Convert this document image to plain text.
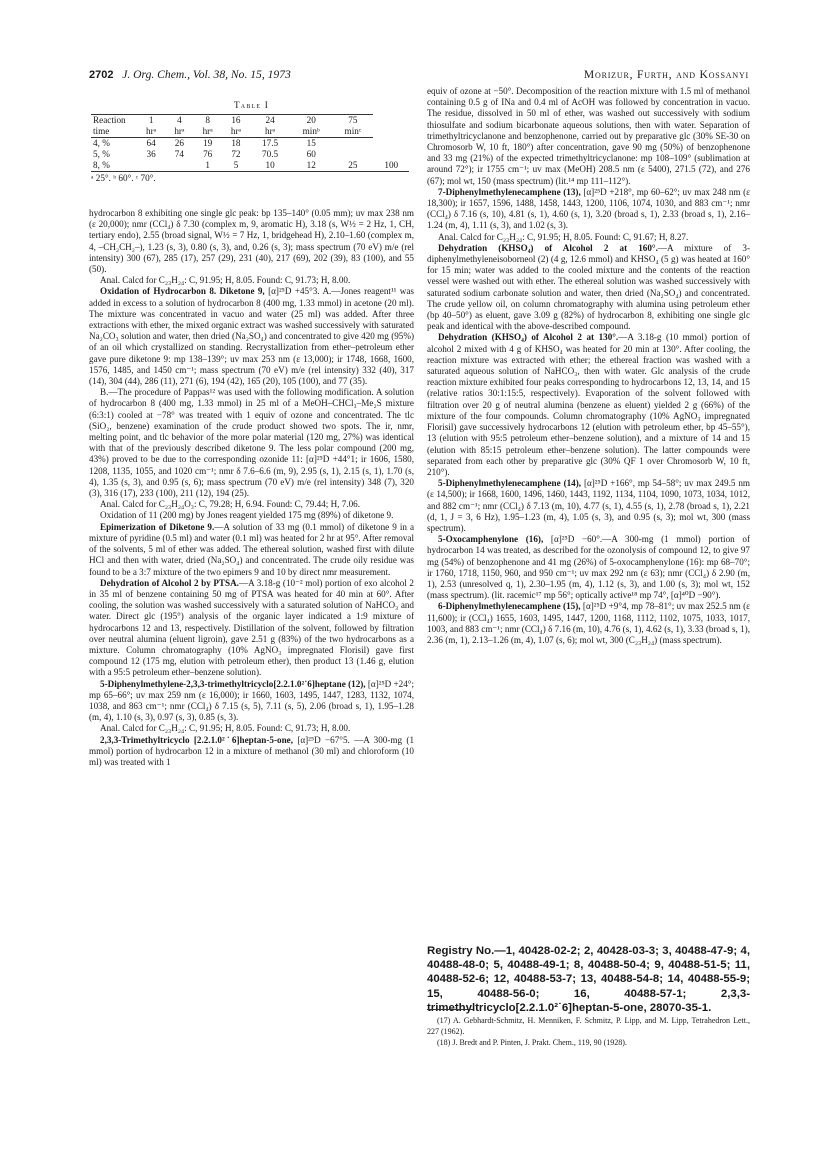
2702 J. Org. Chem., Vol. 38, No. 15, 1973	Morizur, Furth, and Kossanyi
Table I
Reaction	1	4	8	16	24	20	75	
time	hrᵃ	hrᵃ	hrᵃ	hrᵃ	hrᵃ	minᵇ	minᶜ	
4, %	64	26	19	18	17.5	15		
5, %	36	74	76	72	70.5	60		
8, %			1	5	10	12	25	100
ᵃ 25°. ᵇ 60°. ᶜ 70°.

hydrocarbon 8 exhibiting one single glc peak: bp 135–140° (0.05 mm); uv max 238 nm (ε 20,000); nmr (CCl₄) δ 7.30 (complex m, 9, aromatic H), 3.18 (s, W½ = 2 Hz, 1, CH, tertiary endo), 2.55 (broad signal, W½ = 7 Hz, 1, bridgehead H), 2.10–1.60 (complex m, 4, –CH₂CH₂–), 1.23 (s, 3), 0.80 (s, 3), and, 0.26 (s, 3); mass spectrum (70 eV) m/e (rel intensity) 300 (67), 285 (17), 257 (29), 231 (40), 217 (69), 202 (39), 83 (100), and 55 (50).

Anal. Calcd for C₂₃H₂₄: C, 91.95; H, 8.05. Found: C, 91.73; H, 8.00.

Oxidation of Hydrocarbon 8. Diketone 9, [α]²⁵D +45°3. A.—Jones reagent¹¹ was added in excess to a solution of hydrocarbon 8 (400 mg, 1.33 mmol) in acetone (20 ml). The mixture was concentrated in vacuo and water (25 ml) was added. After three extractions with ether, the mixed organic extract was washed successively with saturated Na₂CO₃ solution and water, then dried (Na₂SO₄) and concentrated to give 420 mg (95%) of an oil which crystallized on standing. Recrystallization from ether–petroleum ether gave pure diketone 9: mp 138–139°; uv max 253 nm (ε 13,000); ir 1748, 1668, 1600, 1576, 1485, and 1450 cm⁻¹; mass spectrum (70 eV) m/e (rel intensity) 332 (40), 317 (14), 304 (44), 286 (11), 271 (6), 194 (42), 165 (20), 105 (100), and 77 (35).

B.—The procedure of Pappas¹² was used with the following modification. A solution of hydrocarbon 8 (400 mg, 1.33 mmol) in 25 ml of a MeOH–CHCl₃–Me₂S mixture (6:3:1) cooled at −78° was treated with 1 equiv of ozone and concentrated. The tlc (SiO₂, benzene) examination of the crude product showed two spots. The ir, nmr, melting point, and tlc behavior of the more polar material (120 mg, 27%) was identical with that of the previously described diketone 9. The less polar compound (200 mg, 43%) proved to be due to the corresponding ozonide 11: [α]²⁵D +44°1; ir 1606, 1580, 1208, 1135, 1055, and 1020 cm⁻¹; nmr δ 7.6–6.6 (m, 9), 2.95 (s, 1), 2.15 (s, 1), 1.70 (s, 4), 1.35 (s, 3), and 0.95 (s, 6); mass spectrum (70 eV) m/e (rel intensity) 348 (7), 320 (3), 316 (17), 233 (100), 211 (12), 194 (25).

Anal. Calcd for C₂₃H₂₄O₃: C, 79.28; H, 6.94. Found: C, 79.44; H, 7.06.

Oxidation of 11 (200 mg) by Jones reagent yielded 175 mg (89%) of diketone 9.

Epimerization of Diketone 9.—A solution of 33 mg (0.1 mmol) of diketone 9 in a mixture of pyridine (0.5 ml) and water (0.1 ml) was heated for 2 hr at 95°. After removal of the solvents, 5 ml of ether was added. The ethereal solution, washed first with dilute HCl and then with water, dried (Na₂SO₄) and concentrated. The crude oily residue was found to be a 3:7 mixture of the two epimers 9 and 10 by direct nmr measurement.

Dehydration of Alcohol 2 by PTSA.—A 3.18-g (10⁻² mol) portion of exo alcohol 2 in 35 ml of benzene containing 50 mg of PTSA was heated for 40 min at 60°. After cooling, the solution was washed successively with a saturated solution of NaHCO₃ and water. Direct glc (195°) analysis of the organic layer indicated a 1:9 mixture of hydrocarbons 12 and 13, respectively. Distillation of the solvent, followed by filtration over neutral alumina (eluent ligroin), gave 2.51 g (83%) of the two hydrocarbons as a mixture. Column chromatography (10% AgNO₃ impregnated Florisil) gave first compound 12 (175 mg, elution with petroleum ether), then product 13 (1.46 g, elution with a 95:5 petroleum ether–benzene solution).

5-Diphenylmethylene-2,3,3-trimethyltricyclo[2.2.1.0²˙6]heptane (12), [α]²⁵D +24°; mp 65–66°; uv max 259 nm (ε 16,000); ir 1660, 1603, 1495, 1447, 1283, 1132, 1074, 1038, and 863 cm⁻¹; nmr (CCl₄) δ 7.15 (s, 5), 7.11 (s, 5), 2.06 (broad s, 1), 1.95–1.28 (m, 4), 1.10 (s, 3), 0.97 (s, 3), 0.85 (s, 3).

Anal. Calcd for C₂₃H₂₄: C, 91.95; H, 8.05. Found: C, 91.73; H, 8.00.

2,3,3-Trimethyltricyclo [2.2.1.0²˙6]heptan-5-one, [α]²⁵D −67°5. —A 300-mg (1 mmol) portion of hydrocarbon 12 in a mixture of methanol (30 ml) and chloroform (10 ml) was treated with 1

equiv of ozone at −50°. Decomposition of the reaction mixture with 1.5 ml of methanol containing 0.5 g of INa and 0.4 ml of AcOH was followed by concentration in vacuo. The residue, dissolved in 50 ml of ether, was washed out successively with sodium thiosulfate and sodium bicarbonate aqueous solutions, then with water. Separation of trimethyltricyclanone and benzophenone, carried out by preparative glc (30% SE-30 on Chromosorb W, 10 ft, 180°) after concentration, gave 90 mg (50%) of benzophenone and 33 mg (21%) of the expected trimethyltricyclanone: mp 108–109° (sublimation at around 72°); ir 1755 cm⁻¹; uv max (MeOH) 208.5 nm (ε 5400), 271.5 (72), and 276 (67); mol wt, 150 (mass spectrum) (lit.¹⁴ mp 111–112°).

7-Diphenylmethylenecamphene (13), [α]²⁵D +218°, mp 60–62°; uv max 248 nm (ε 18,300); ir 1657, 1596, 1488, 1458, 1443, 1200, 1106, 1074, 1030, and 883 cm⁻¹; nmr (CCl₄) δ 7.16 (s, 10), 4.81 (s, 1), 4.60 (s, 1), 3.20 (broad s, 1), 2.33 (broad s, 1), 2.16–1.24 (m, 4), 1.11 (s, 3), and 1.02 (s, 3).

Anal. Calcd for C₂₃H₂₄: C, 91.95; H, 8.05. Found: C, 91.67; H, 8.27.

Dehydration (KHSO₄) of Alcohol 2 at 160°.—A mixture of 3-diphenylmethyleneisoborneol (2) (4 g, 12.6 mmol) and KHSO₄ (5 g) was heated at 160° for 15 min; water was added to the cooled mixture and the contents of the reaction vessel were washed out with ether. The ethereal solution was washed successively with saturated sodium carbonate solution and water, then dried (Na₂SO₄) and concentrated. The crude yellow oil, on column chromatography with alumina using petroleum ether (bp 40–50°) as eluent, gave 3.09 g (82%) of hydrocarbon 8, exhibiting one single glc peak and identical with the above-described compound.

Dehydration (KHSO₄) of Alcohol 2 at 130°.—A 3.18-g (10 mmol) portion of alcohol 2 mixed with 4 g of KHSO₄ was heated for 20 min at 130°. After cooling, the reaction mixture was extracted with ether; the ethereal fraction was washed with a saturated aqueous solution of NaHCO₃, then with water. Glc analysis of the crude reaction mixture exhibited four peaks corresponding to hydrocarbons 12, 13, 14, and 15 (relative ratios 30:1:15:5, respectively). Evaporation of the solvent followed with filtration over 20 g of neutral alumina (benzene as eluent) yielded 2 g (66%) of the mixture of the four compounds. Column chromatography (10% AgNO₃ impregnated Florisil) gave successively hydrocarbons 12 (elution with petroleum ether, bp 45–55°), 13 (elution with 95:5 petroleum ether–benzene solution), and a mixture of 14 and 15 (elution with 85:15 petroleum ether–benzene solution). The latter compounds were separated from each other by preparative glc (30% QF 1 over Chromosorb W, 10 ft, 210°).

5-Diphenylmethylenecamphene (14), [α]²⁵D +166°, mp 54–58°; uv max 249.5 nm (ε 14,500); ir 1668, 1600, 1496, 1460, 1443, 1192, 1134, 1104, 1090, 1073, 1034, 1012, and 882 cm⁻¹; nmr (CCl₄) δ 7.13 (m, 10), 4.77 (s, 1), 4.55 (s, 1), 2.78 (broad s, 1), 2.21 (d, 1, J = 3, 6 Hz), 1.95–1.23 (m, 4), 1.05 (s, 3), and 0.95 (s, 3); mol wt, 300 (mass spectrum).

5-Oxocamphenylone (16), [α]²⁵D −60°.—A 300-mg (1 mmol) portion of hydrocarbon 14 was treated, as described for the ozonolysis of compound 12, to give 97 mg (54%) of benzophenone and 41 mg (26%) of 5-oxocamphenylone (16): mp 68–70°; ir 1760, 1718, 1150, 960, and 950 cm⁻¹; uv max 292 nm (ε 63); nmr (CCl₄) δ 2.90 (m, 1), 2.53 (unresolved q, 1), 2.30–1.95 (m, 4), 1.12 (s, 3), and 1.00 (s, 3); mol wt, 152 (mass spectrum). (lit. racemic¹⁷ mp 56°; optically active¹⁸ mp 74°, [α]⁴⁰D −90°).

6-Diphenylmethylenecamphene (15), [α]²⁵D +9°4, mp 78–81°; uv max 252.5 nm (ε 11,600); ir (CCl₄) 1655, 1603, 1495, 1447, 1200, 1168, 1112, 1102, 1075, 1033, 1017, 1003, and 883 cm⁻¹; nmr (CCl₄) δ 7.16 (m, 10), 4.76 (s, 1), 4.62 (s, 1), 3.33 (broad s, 1), 2.36 (m, 1), 2.13–1.26 (m, 4), 1.07 (s, 6); mol wt, 300 (C₂₃H₂₄) (mass spectrum).

Registry No.—1, 40428-02-2; 2, 40428-03-3; 3, 40488-47-9; 4, 40488-48-0; 5, 40488-49-1; 8, 40488-50-4; 9, 40488-51-5; 11, 40488-52-6; 12, 40488-53-7; 13, 40488-54-8; 14, 40488-55-9; 15, 40488-56-0; 16, 40488-57-1; 2,3,3-trimethyltricyclo[2.2.1.0²˙6]heptan-5-one, 28070-35-1.

(17) A. Gebhardt-Schmitz, H. Menniken, F. Schmitz, P. Lipp, and M. Lipp, Tetrahedron Lett., 227 (1962).

(18) J. Bredt and P. Pinten, J. Prakt. Chem., 119, 90 (1928).
